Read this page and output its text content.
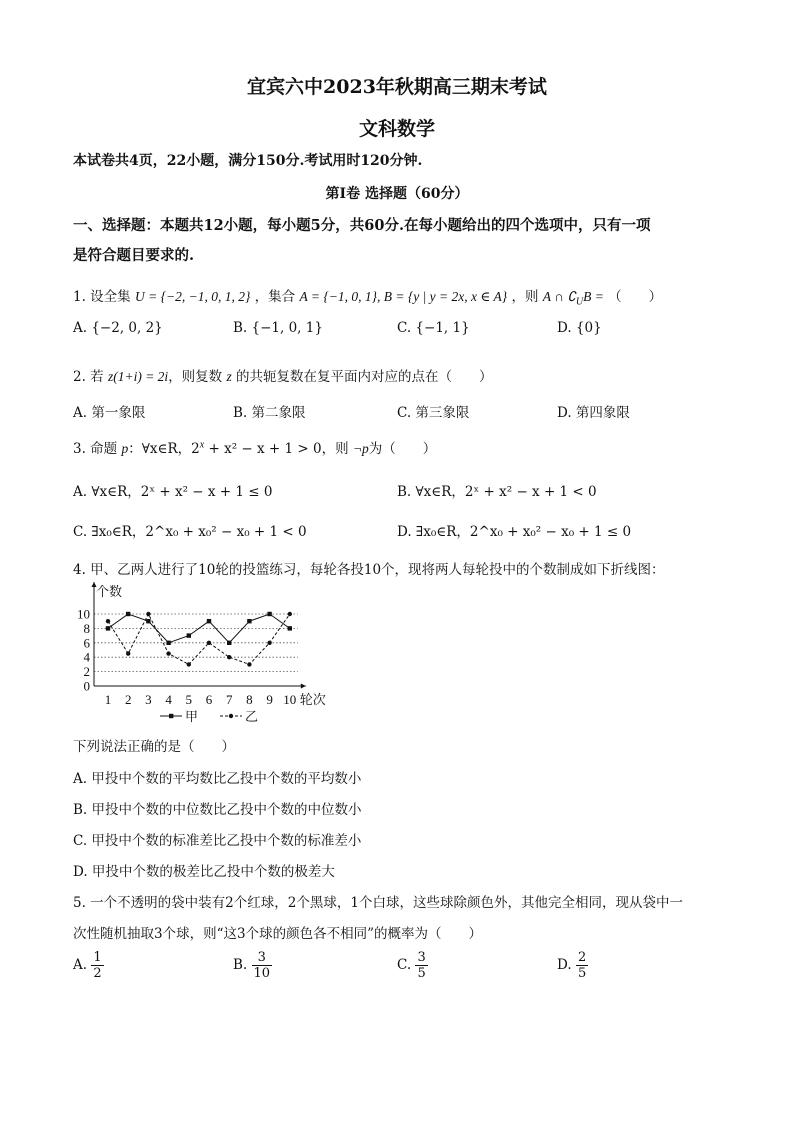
宜宾六中2023年秋期高三期末考试
文科数学
本试卷共4页，22小题，满分150分.考试用时120分钟.
第I卷 选择题（60分）
一、选择题：本题共12小题，每小题5分，共60分.在每小题给出的四个选项中，只有一项
是符合题目要求的.
1. 设全集 U = {−2, −1, 0, 1, 2} ，集合 A = {−1, 0, 1}, B = {y | y = 2x, x ∈ A} ，则 A ∩ $∁_UB$ = （　　）
A. {−2, 0, 2}	B. {−1, 0, 1}	C. {−1, 1}	D. {0}
2. 若 z(1+i) = 2i，则复数 z 的共轭复数在复平面内对应的点在（　　）
A. 第一象限	B. 第二象限	C. 第三象限	D. 第四象限
3. 命题 p：∀x∈R，$2^x + x^2 - x + 1 > 0$，则 ¬p为（　　）
A. ∀x∈R，2ˣ + x² − x + 1 ≤ 0	B. ∀x∈R，2ˣ + x² − x + 1 < 0
C. ∃x₀∈R，2^x₀ + x₀² − x₀ + 1 < 0	D. ∃x₀∈R，2^x₀ + x₀² − x₀ + 1 ≤ 0
4. 甲、乙两人进行了10轮的投篮练习，每轮各投10个，现将两人每轮投中的个数制成如下折线图：
个数
轮次
0
2
4
6
8
10
1 2 3 4 5 6 7 8 9 10
甲	乙
下列说法正确的是（　　）
A. 甲投中个数的平均数比乙投中个数的平均数小
B. 甲投中个数的中位数比乙投中个数的中位数小
C. 甲投中个数的标准差比乙投中个数的标准差小
D. 甲投中个数的极差比乙投中个数的极差大
5. 一个不透明的袋中装有2个红球，2个黑球，1个白球，这些球除颜色外，其他完全相同，现从袋中一
次性随机抽取3个球，则“这3个球的颜色各不相同”的概率为（　　）
A. $\frac{1}{2}$	B. $\frac{3}{10}$	C. $\frac{3}{5}$	D. $\frac{2}{5}$
